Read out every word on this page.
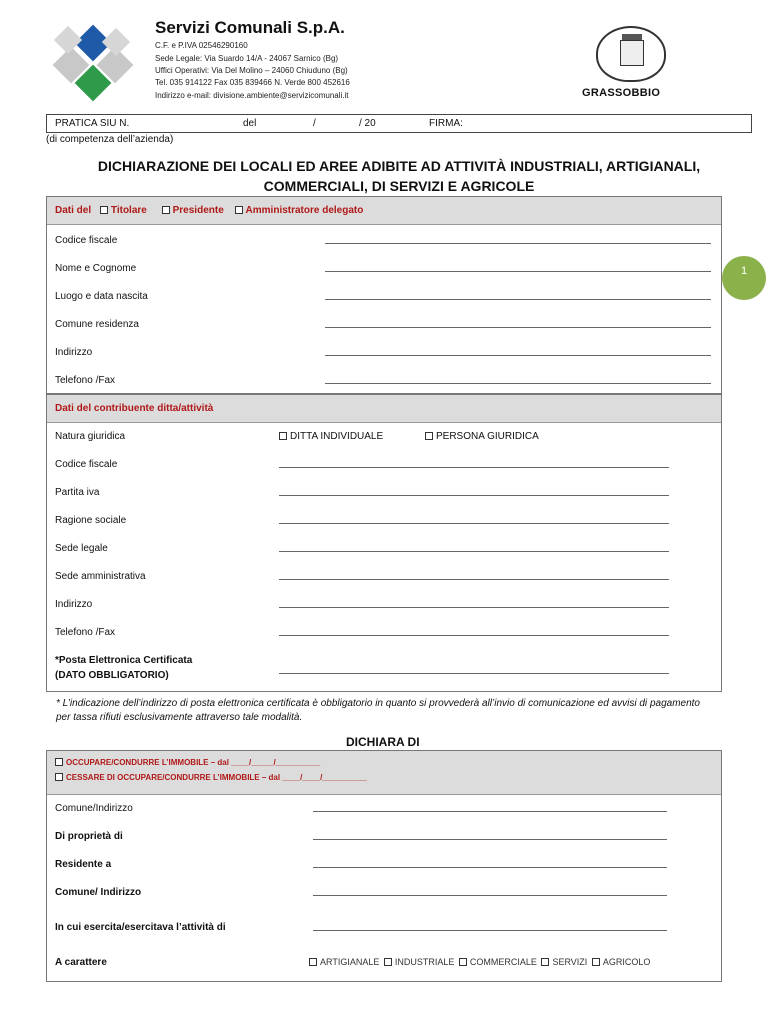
Servizi Comunali S.p.A.
C.F. e P.IVA 02546290160
Sede Legale: Via Suardo 14/A - 24067 Sarnico (Bg)
Uffici Operativi: Via Del Molino – 24060 Chiuduno (Bg)
Tel. 035 914122 Fax 035 839466 N. Verde 800 452616
Indirizzo e-mail: divisione.ambiente@servizicomunali.it	GRASSOBBIO
PRATICA SIU N.	del	/	/ 20	FIRMA:
(di competenza dell’azienda)
DICHIARAZIONE DEI LOCALI ED AREE ADIBITE AD ATTIVITÀ INDUSTRIALI, ARTIGIANALI,
COMMERCIALI, DI SERVIZI E AGRICOLE
Dati del Titolare	Presidente Amministratore delegato
Codice fiscale
Nome e Cognome
Luogo e data nascita
Comune residenza
Indirizzo
Telefono /Fax
Dati del contribuente ditta/attività
Natura giuridica	DITTA INDIVIDUALE	PERSONA GIURIDICA
Codice fiscale
Partita iva
Ragione sociale
Sede legale
Sede amministrativa
Indirizzo
Telefono /Fax
*Posta Elettronica Certificata
(DATO OBBLIGATORIO)
* L’indicazione dell’indirizzo di posta elettronica certificata è obbligatorio in quanto si provvederà all’invio di comunicazione ed avvisi di pagamento per tassa rifiuti esclusivamente attraverso tale modalità.
DICHIARA DI
OCCUPARE/CONDURRE L’IMMOBILE – dal ____/_____/__________
CESSARE DI OCCUPARE/CONDURRE L’IMMOBILE – dal ____/____/__________
Comune/Indirizzo
Di proprietà di
Residente a
Comune/ Indirizzo
In cui esercita/esercitava l’attività di
A carattere	ARTIGIANALE INDUSTRIALE COMMERCIALE SERVIZI AGRICOLO
1
